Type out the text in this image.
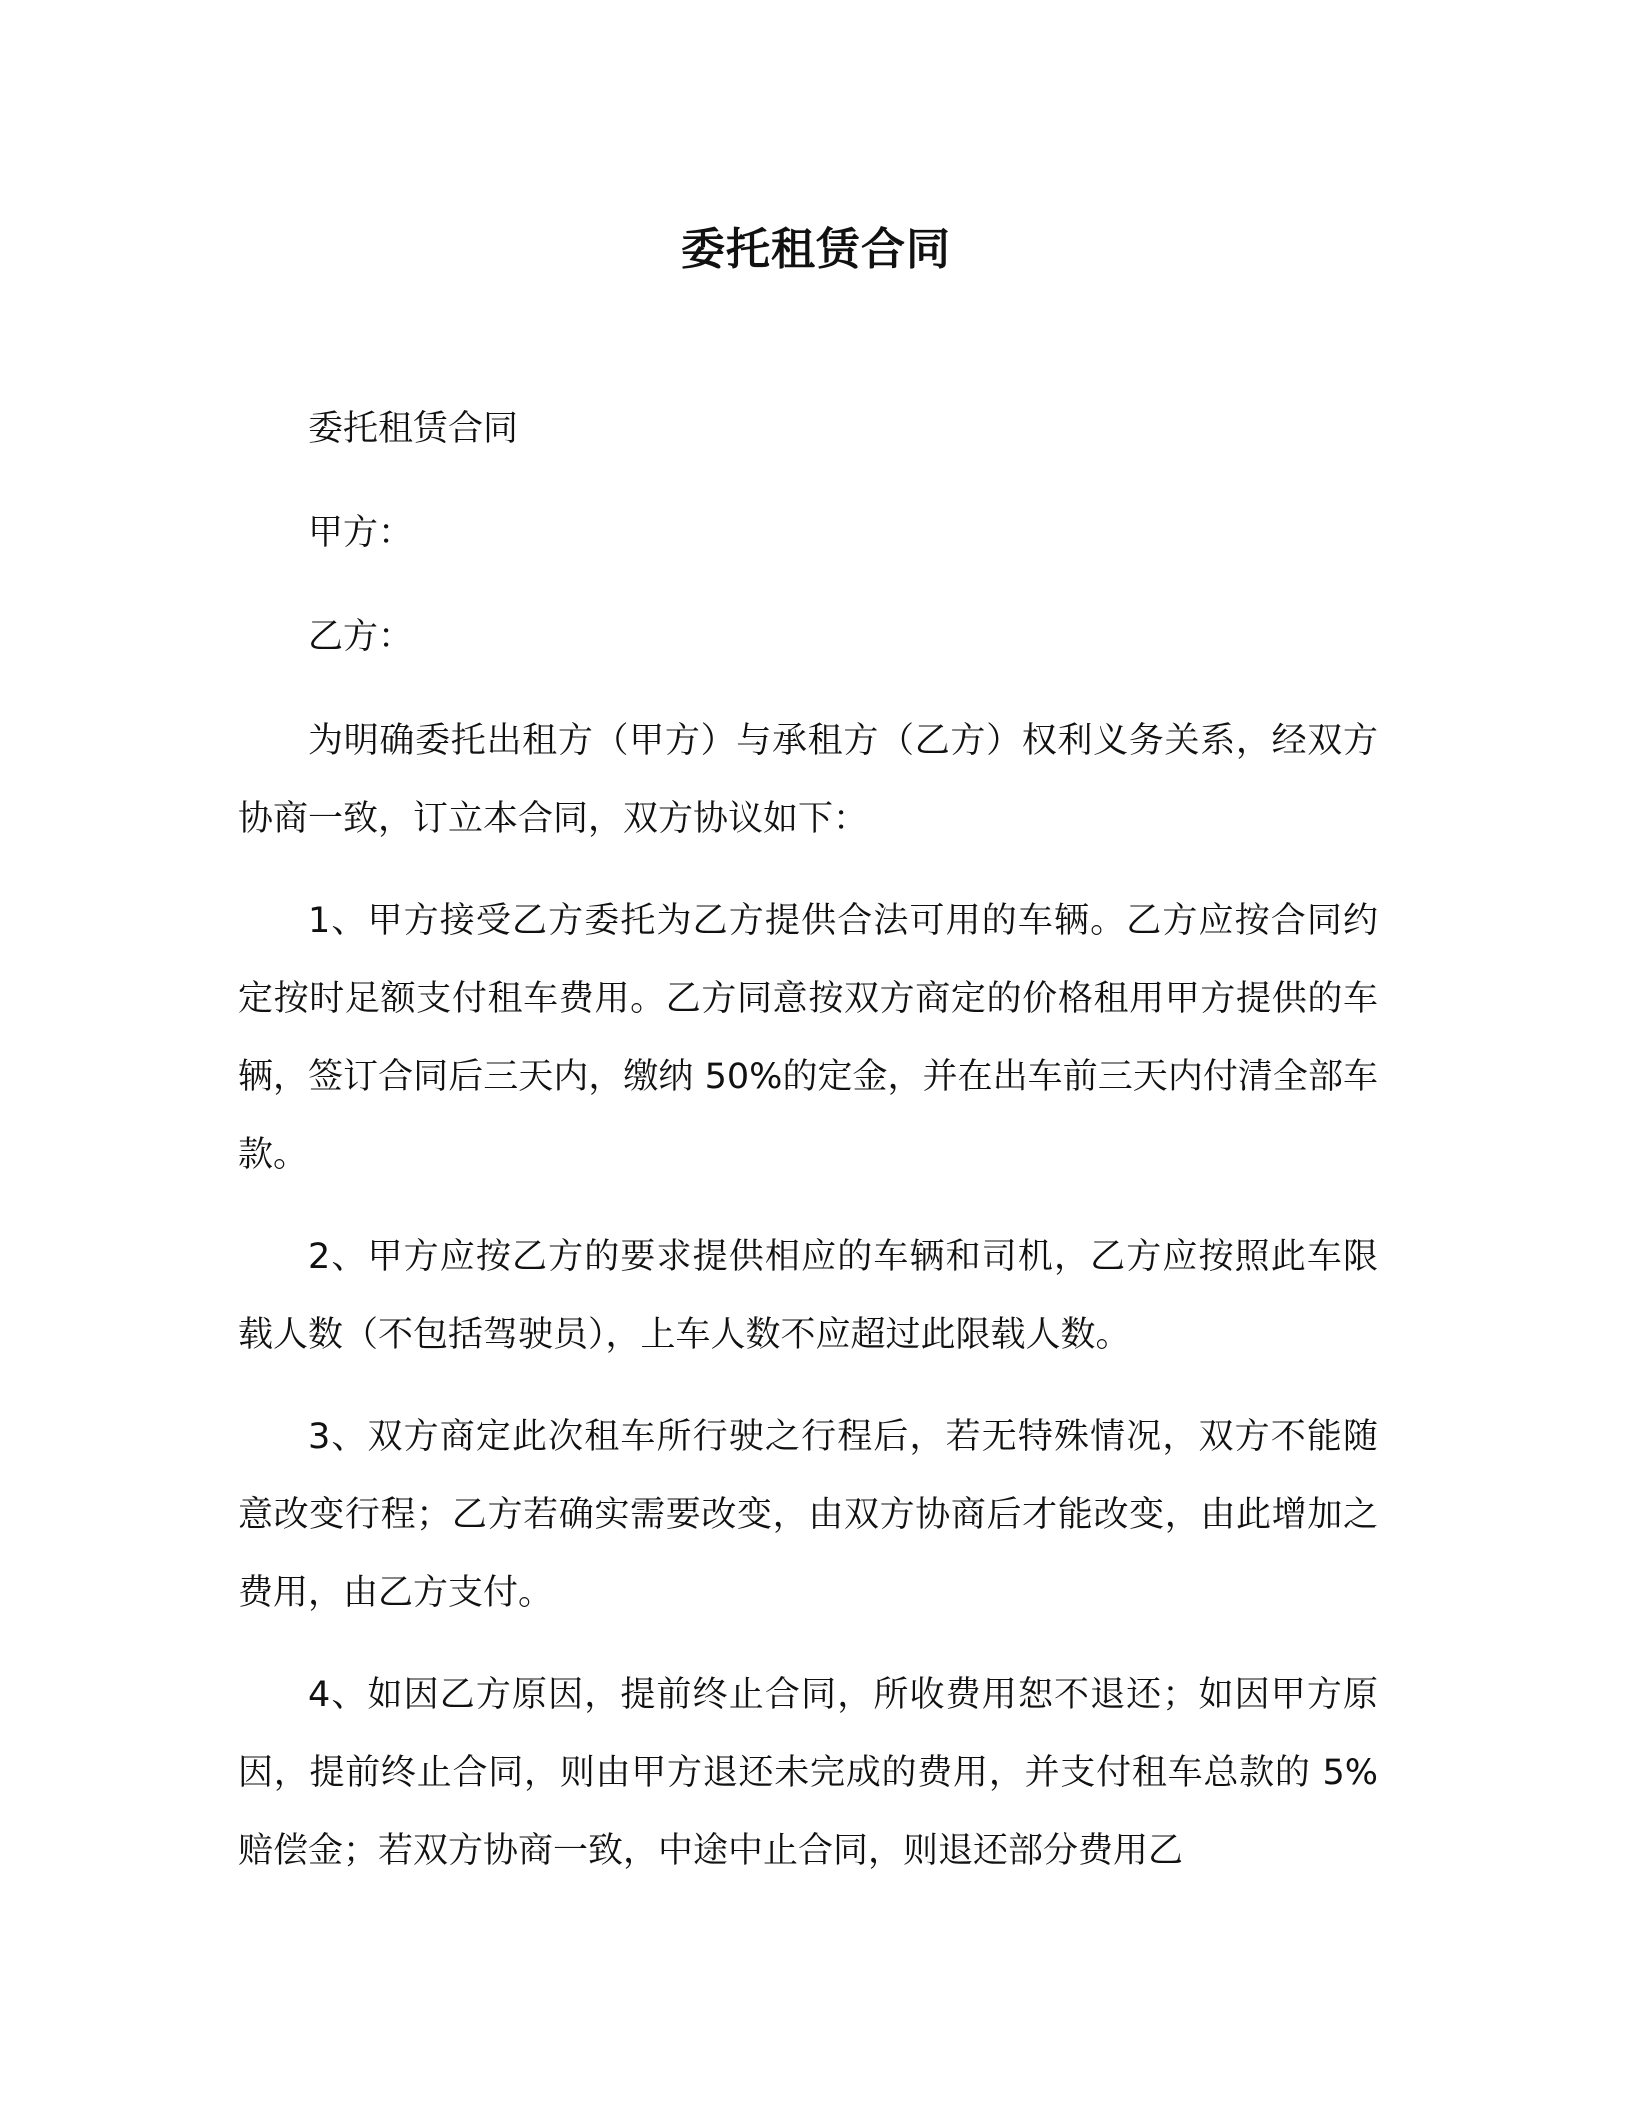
委托租赁合同

委托租赁合同

甲方：

乙方：

为明确委托出租方（甲方）与承租方（乙方）权利义务关系，经双方协商一致，订立本合同，双方协议如下：

1、甲方接受乙方委托为乙方提供合法可用的车辆。乙方应按合同约定按时足额支付租车费用。乙方同意按双方商定的价格租用甲方提供的车辆，签订合同后三天内，缴纳 50%的定金，并在出车前三天内付清全部车款。

2、甲方应按乙方的要求提供相应的车辆和司机，乙方应按照此车限载人数（不包括驾驶员），上车人数不应超过此限载人数。

3、双方商定此次租车所行驶之行程后，若无特殊情况，双方不能随意改变行程；乙方若确实需要改变，由双方协商后才能改变，由此增加之费用，由乙方支付。

4、如因乙方原因，提前终止合同，所收费用恕不退还；如因甲方原因，提前终止合同，则由甲方退还未完成的费用，并支付租车总款的 5%赔偿金；若双方协商一致，中途中止合同，则退还部分费用乙
